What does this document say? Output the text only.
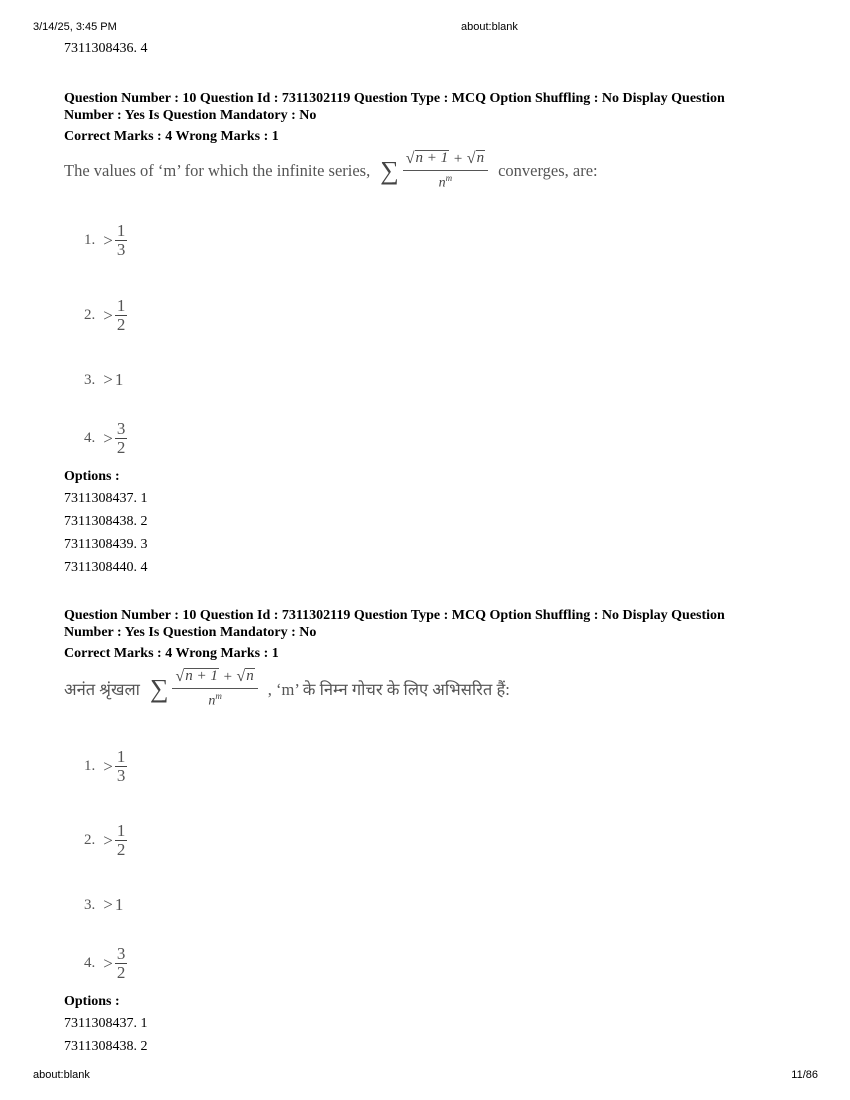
3/14/25, 3:45 PM	about:blank
about:blank	11/86
7311308436. 4
Question Number : 10 Question Id : 7311302119 Question Type : MCQ Option Shuffling : No Display Question
Number : Yes Is Question Mandatory : No
Correct Marks : 4 Wrong Marks : 1
The values of ‘m’ for which the infinite series, ∑ $\frac{√ n + 1 + √ n}{n^m}$ converges, are:
1. > $\frac{1}{3}$
2. > $\frac{1}{2}$
3. > 1
4. > $\frac{3}{2}$
Options :
7311308437. 1
7311308438. 2
7311308439. 3
7311308440. 4
Question Number : 10 Question Id : 7311302119 Question Type : MCQ Option Shuffling : No Display Question
Number : Yes Is Question Mandatory : No
Correct Marks : 4 Wrong Marks : 1
अनंत श्रृंखला ∑ $\frac{√ n + 1 + √ n}{n^m}$ , ‘m’ के निम्न गोचर के लिए अभिसरित हैं:
1. > $\frac{1}{3}$
2. > $\frac{1}{2}$
3. > 1
4. > $\frac{3}{2}$
Options :
7311308437. 1
7311308438. 2
